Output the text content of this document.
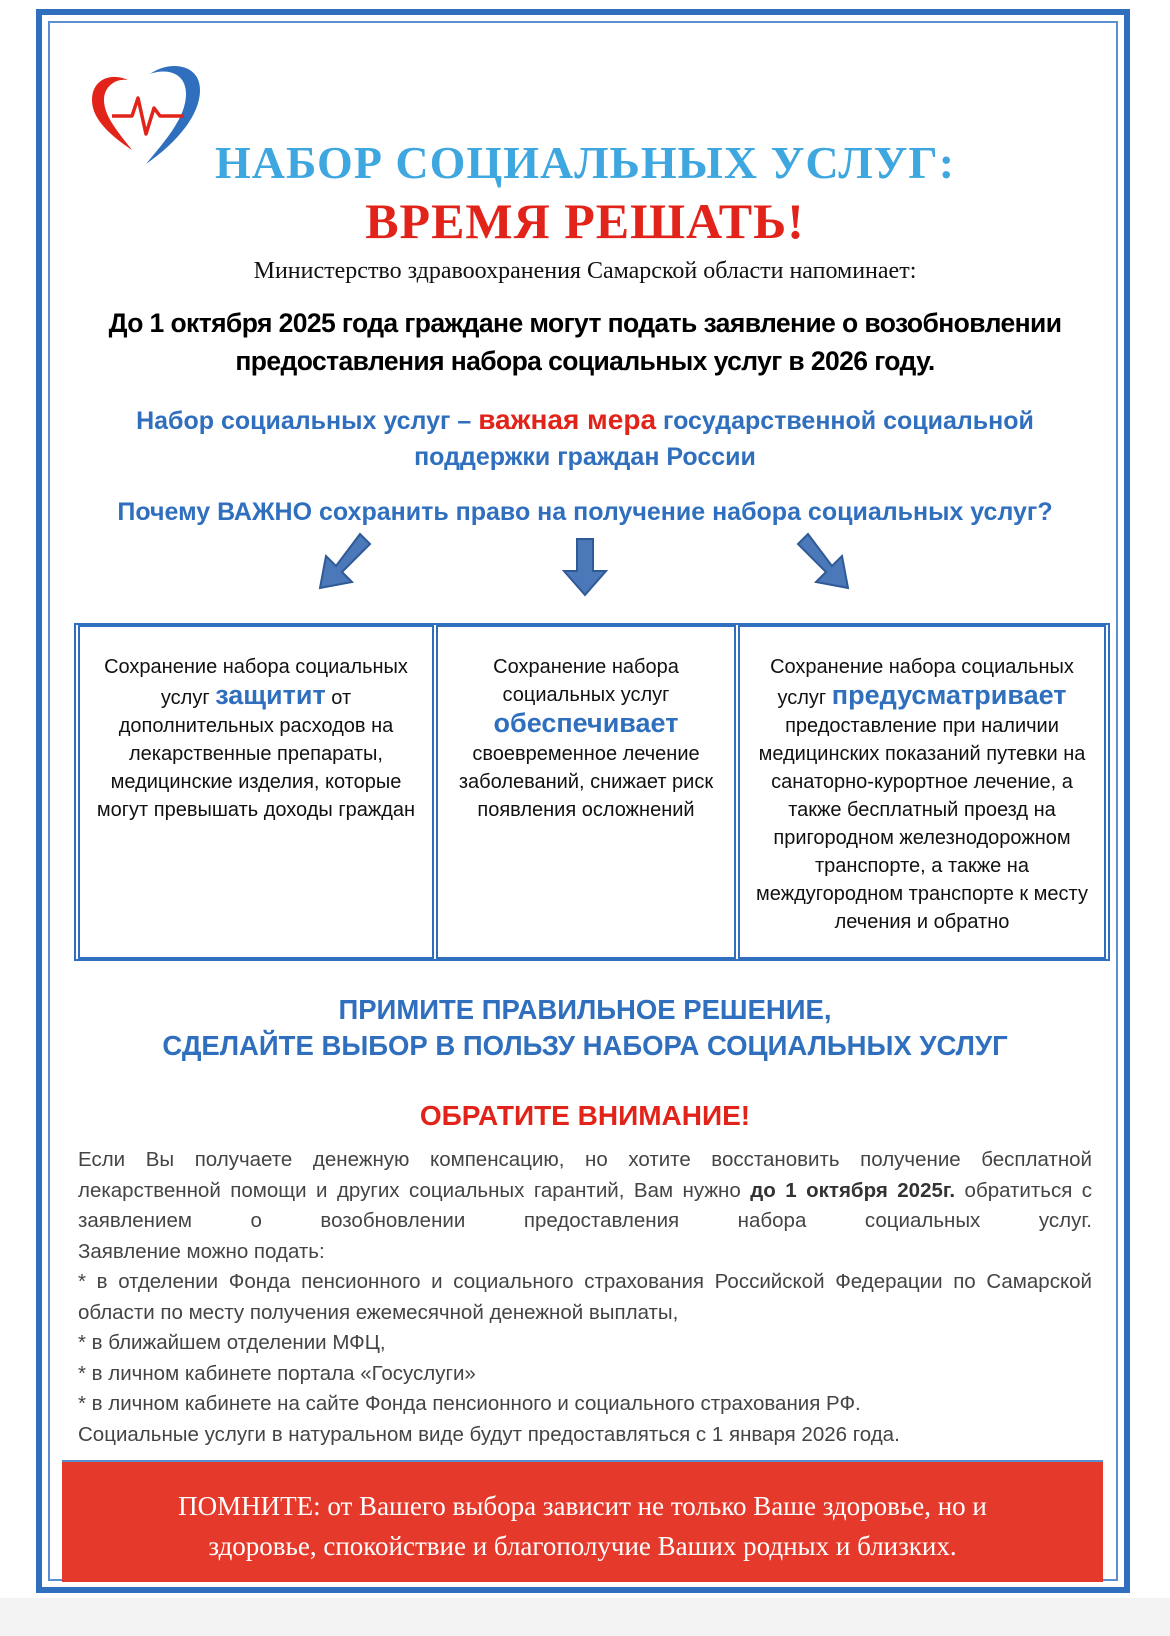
НАБОР СОЦИАЛЬНЫХ УСЛУГ:
ВРЕМЯ РЕШАТЬ!
Министерство здравоохранения Самарской области напоминает:
До 1 октября 2025 года граждане могут подать заявление о возобновлении
предоставления набора социальных услуг в 2026 году.
Набор социальных услуг – важная мера государственной социальной
поддержки граждан России
Почему ВАЖНО сохранить право на получение набора социальных услуг?
Сохранение набора социальных услуг защитит от дополнительных расходов на лекарственные препараты, медицинские изделия, которые могут превышать доходы граждан
Сохранение набора социальных услуг
обеспечивает
своевременное лечение заболеваний, снижает риск появления осложнений
Сохранение набора социальных услуг предусматривает предоставление при наличии медицинских показаний путевки на санаторно-курортное лечение, а также бесплатный проезд на пригородном железнодорожном транспорте, а также на междугородном транспорте к месту лечения и обратно
ПРИМИТЕ ПРАВИЛЬНОЕ РЕШЕНИЕ,
СДЕЛАЙТЕ ВЫБОР В ПОЛЬЗУ НАБОРА СОЦИАЛЬНЫХ УСЛУГ
ОБРАТИТЕ ВНИМАНИЕ!

Если Вы получаете денежную компенсацию, но хотите восстановить получение бесплатной лекарственной помощи и других социальных гарантий, Вам нужно до 1 октября 2025г. обратиться с заявлением о возобновлении предоставления набора социальных услуг.

Заявление можно подать:

* в отделении Фонда пенсионного и социального страхования Российской Федерации по Самарской области по месту получения ежемесячной денежной выплаты,

* в ближайшем отделении МФЦ,

* в личном кабинете портала «Госуслуги»

* в личном кабинете на сайте Фонда пенсионного и социального страхования РФ.

Социальные услуги в натуральном виде будут предоставляться с 1 января 2026 года.

ПОМНИТЕ: от Вашего выбора зависит не только Ваше здоровье, но и
здоровье, спокойствие и благополучие Ваших родных и близких.
